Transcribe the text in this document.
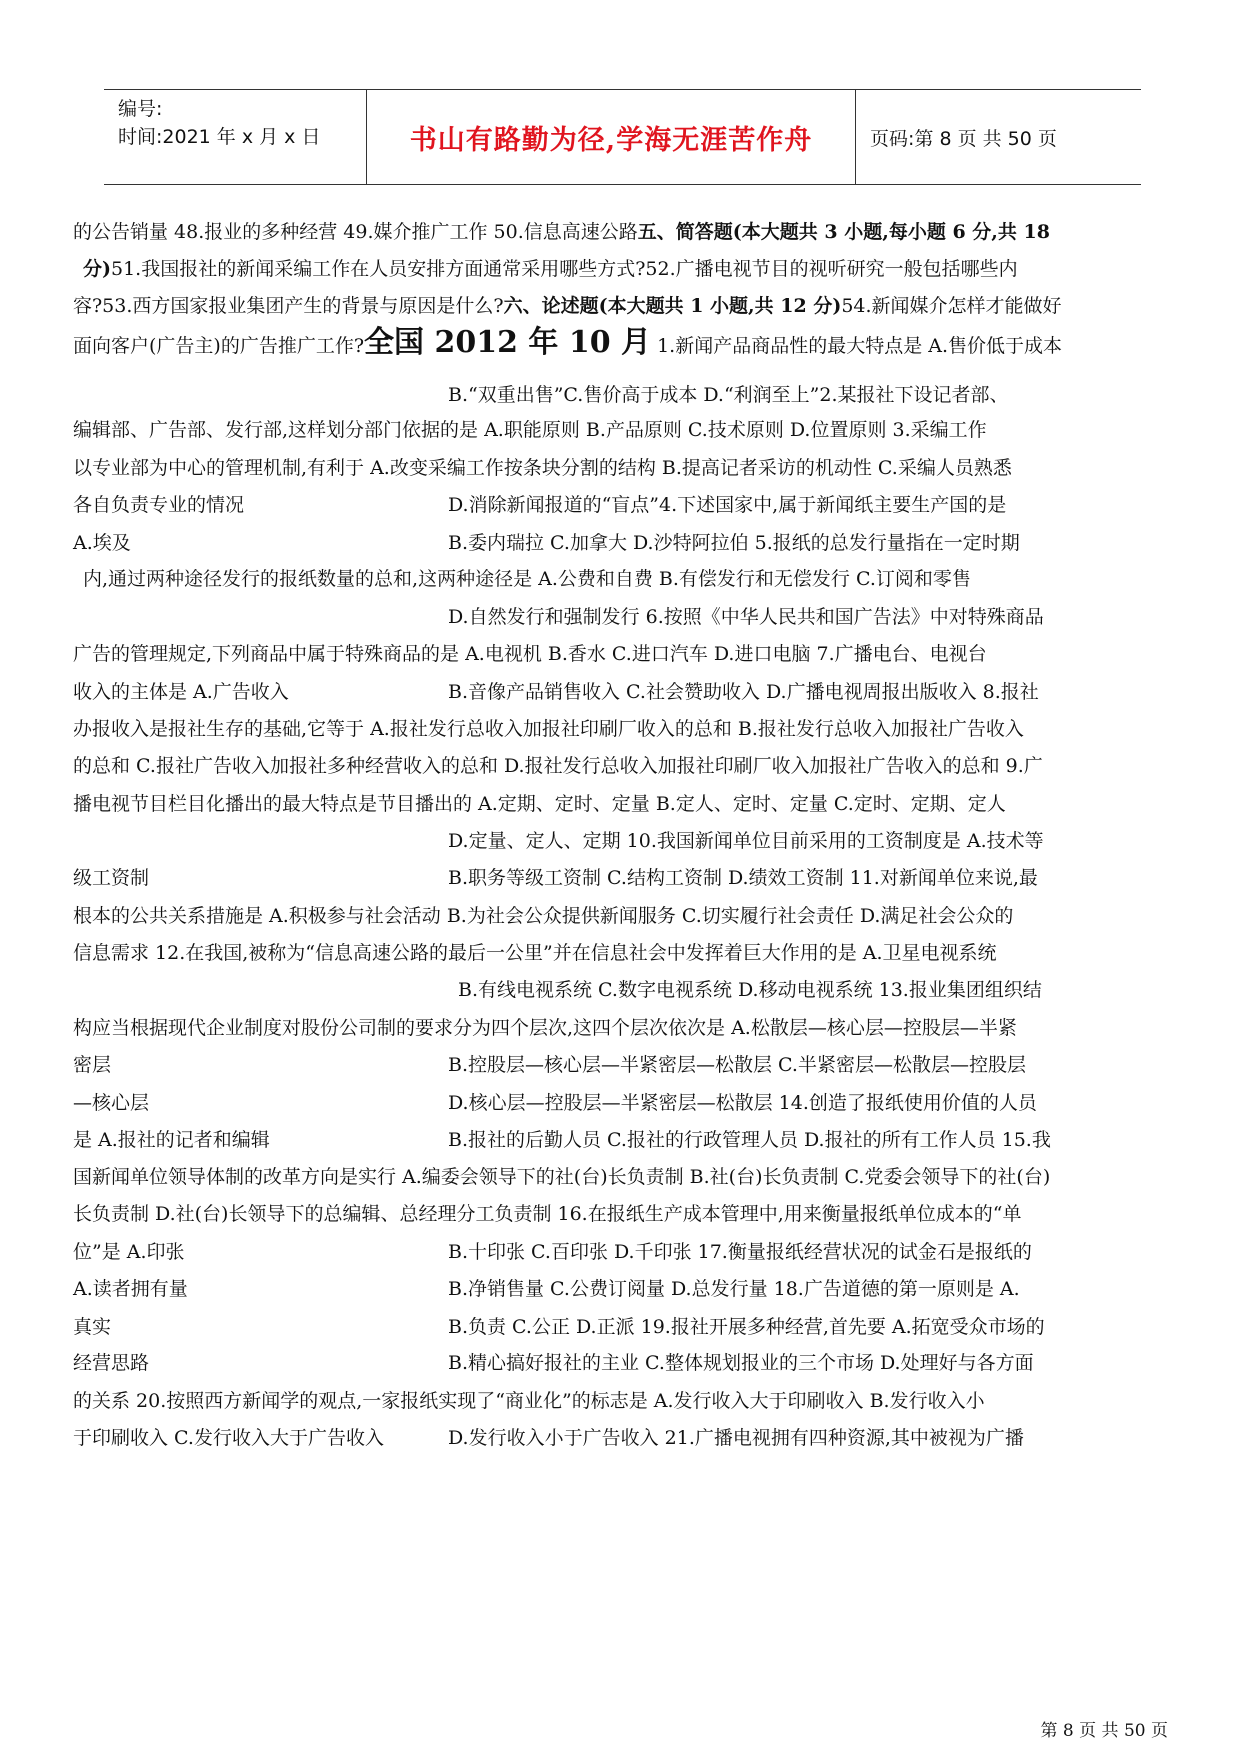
编号:
时间:2021 年 x 月 x 日	书山有路勤为径,学海无涯苦作舟	页码:第 8 页 共 50 页
的公告销量 48.报业的多种经营 49.媒介推广工作 50.信息高速公路五、简答题(本大题共 3 小题,每小题 6 分,共 18
分)51.我国报社的新闻采编工作在人员安排方面通常采用哪些方式?52.广播电视节目的视听研究一般包括哪些内
容?53.西方国家报业集团产生的背景与原因是什么?六、论述题(本大题共 1 小题,共 12 分)54.新闻媒介怎样才能做好
面向客户(广告主)的广告推广工作?全国 2012 年 10 月 1.新闻产品商品性的最大特点是 A.售价低于成本
B.“双重出售”C.售价高于成本 D.“利润至上”2.某报社下设记者部、
编辑部、广告部、发行部,这样划分部门依据的是 A.职能原则 B.产品原则 C.技术原则 D.位置原则 3.采编工作
以专业部为中心的管理机制,有利于 A.改变采编工作按条块分割的结构 B.提高记者采访的机动性 C.采编人员熟悉
各自负责专业的情况	D.消除新闻报道的“盲点”4.下述国家中,属于新闻纸主要生产国的是
A.埃及	B.委内瑞拉 C.加拿大 D.沙特阿拉伯 5.报纸的总发行量指在一定时期
内,通过两种途径发行的报纸数量的总和,这两种途径是 A.公费和自费 B.有偿发行和无偿发行 C.订阅和零售
D.自然发行和强制发行 6.按照《中华人民共和国广告法》中对特殊商品
广告的管理规定,下列商品中属于特殊商品的是 A.电视机 B.香水 C.进口汽车 D.进口电脑 7.广播电台、电视台
收入的主体是 A.广告收入	B.音像产品销售收入 C.社会赞助收入 D.广播电视周报出版收入 8.报社
办报收入是报社生存的基础,它等于 A.报社发行总收入加报社印刷厂收入的总和 B.报社发行总收入加报社广告收入
的总和 C.报社广告收入加报社多种经营收入的总和 D.报社发行总收入加报社印刷厂收入加报社广告收入的总和 9.广
播电视节目栏目化播出的最大特点是节目播出的 A.定期、定时、定量 B.定人、定时、定量 C.定时、定期、定人
D.定量、定人、定期 10.我国新闻单位目前采用的工资制度是 A.技术等
级工资制	B.职务等级工资制 C.结构工资制 D.绩效工资制 11.对新闻单位来说,最
根本的公共关系措施是 A.积极参与社会活动 B.为社会公众提供新闻服务 C.切实履行社会责任 D.满足社会公众的
信息需求 12.在我国,被称为“信息高速公路的最后一公里”并在信息社会中发挥着巨大作用的是 A.卫星电视系统
B.有线电视系统 C.数字电视系统 D.移动电视系统 13.报业集团组织结
构应当根据现代企业制度对股份公司制的要求分为四个层次,这四个层次依次是 A.松散层—核心层—控股层—半紧
密层	B.控股层—核心层—半紧密层—松散层 C.半紧密层—松散层—控股层
—核心层	D.核心层—控股层—半紧密层—松散层 14.创造了报纸使用价值的人员
是 A.报社的记者和编辑	B.报社的后勤人员 C.报社的行政管理人员 D.报社的所有工作人员 15.我
国新闻单位领导体制的改革方向是实行 A.编委会领导下的社(台)长负责制 B.社(台)长负责制 C.党委会领导下的社(台)
长负责制 D.社(台)长领导下的总编辑、总经理分工负责制 16.在报纸生产成本管理中,用来衡量报纸单位成本的“单
位”是 A.印张	B.十印张 C.百印张 D.千印张 17.衡量报纸经营状况的试金石是报纸的
A.读者拥有量	B.净销售量 C.公费订阅量 D.总发行量 18.广告道德的第一原则是 A.
真实	B.负责 C.公正 D.正派 19.报社开展多种经营,首先要 A.拓宽受众市场的
经营思路	B.精心搞好报社的主业 C.整体规划报业的三个市场 D.处理好与各方面
的关系 20.按照西方新闻学的观点,一家报纸实现了“商业化”的标志是 A.发行收入大于印刷收入 B.发行收入小
于印刷收入 C.发行收入大于广告收入	D.发行收入小于广告收入 21.广播电视拥有四种资源,其中被视为广播
第 8 页 共 50 页
